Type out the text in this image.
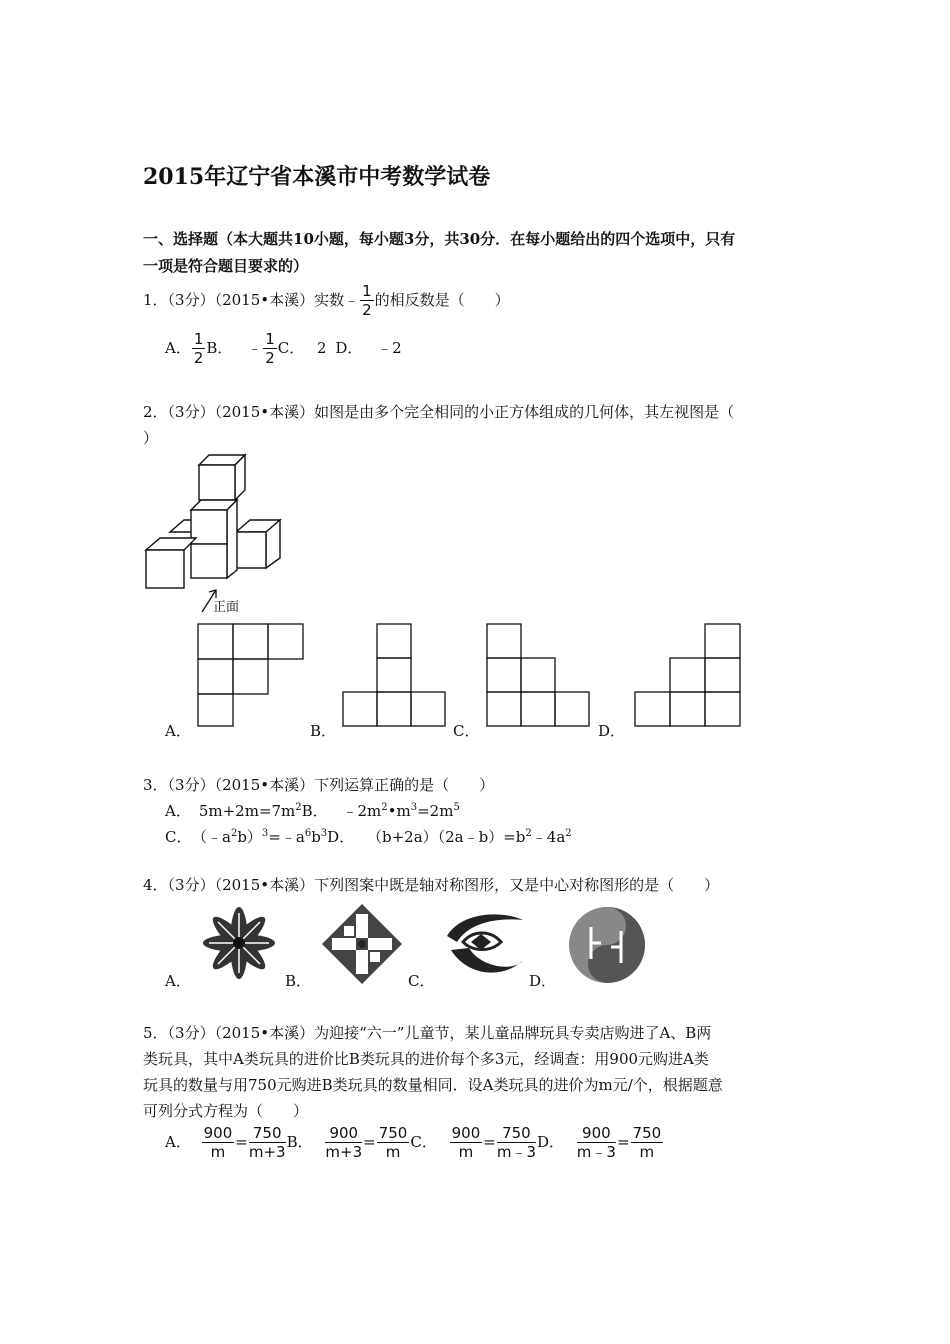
2015年辽宁省本溪市中考数学试卷
一、选择题（本大题共10小题，每小题3分，共30分．在每小题给出的四个选项中，只有
一项是符合题目要求的）
1．（3分）（2015•本溪）实数﹣ $\frac{1}{2}$ 的相反数是（　　）
A． $\frac{1}{2}$ B． ﹣ $\frac{1}{2}$ C． 2 D． ﹣2
2．（3分）（2015•本溪）如图是由多个完全相同的小正方体组成的几何体，其左视图是（
）
正面
A．	B．	C．	D．
3．（3分）（2015•本溪）下列运算正确的是（　　）
A． $5m+2m=7m^2B$． $﹣2m^2•m^3=2m^5$
C． $(﹣a^2b)^3=﹣a^6b^3D$． $(b+2a)(2a﹣b)=b^2﹣4a^2$
4．（3分）（2015•本溪）下列图案中既是轴对称图形，又是中心对称图形的是（　　）
A．	B．	C．	D．
5．（3分）（2015•本溪）为迎接“六一”儿童节，某儿童品牌玩具专卖店购进了A、B两
类玩具，其中A类玩具的进价比B类玩具的进价每个多3元，经调查：用900元购进A类
玩具的数量与用750元购进B类玩具的数量相同．设A类玩具的进价为m元/个，根据题意
可列分式方程为（　　）
A． $\frac{900}{m} = \frac{750}{m+3}$ B． $\frac{900}{m+3} = \frac{750}{m}$ C． $\frac{900}{m} = \frac{750}{m﹣3}$ D． $\frac{900}{m﹣3} = \frac{750}{m}$
